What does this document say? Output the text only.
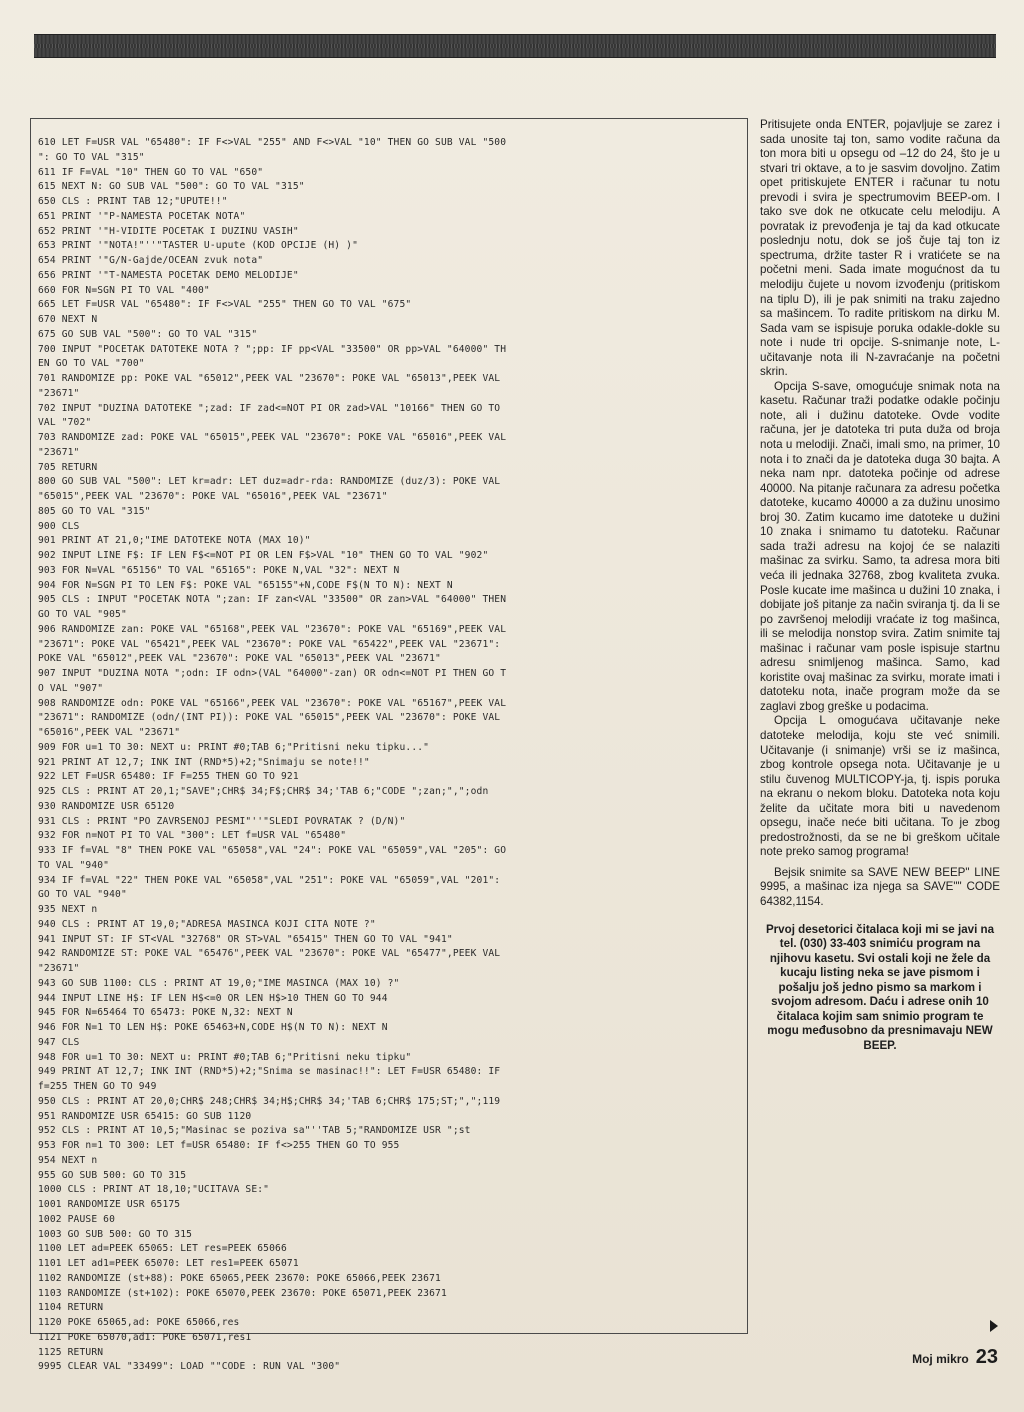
610 LET F=USR VAL "65480": IF F<>VAL "255" AND F<>VAL "10" THEN GO SUB VAL "500
": GO TO VAL "315"
611 IF F=VAL "10" THEN GO TO VAL "650"
615 NEXT N: GO SUB VAL "500": GO TO VAL "315"
650 CLS : PRINT TAB 12;"UPUTE!!"
651 PRINT '"P-NAMESTA POCETAK NOTA"
652 PRINT '"H-VIDITE POCETAK I DUZINU VASIH"
653 PRINT '"NOTA!"''"TASTER U-upute (KOD OPCIJE (H) )"
654 PRINT '"G/N-Gajde/OCEAN zvuk nota"
656 PRINT '"T-NAMESTA POCETAK DEMO MELODIJE"
660 FOR N=SGN PI TO VAL "400"
665 LET F=USR VAL "65480": IF F<>VAL "255" THEN GO TO VAL "675"
670 NEXT N
675 GO SUB VAL "500": GO TO VAL "315"
700 INPUT "POCETAK DATOTEKE NOTA ? ";pp: IF pp<VAL "33500" OR pp>VAL "64000" TH
EN GO TO VAL "700"
701 RANDOMIZE pp: POKE VAL "65012",PEEK VAL "23670": POKE VAL "65013",PEEK VAL
"23671"
702 INPUT "DUZINA DATOTEKE ";zad: IF zad<=NOT PI OR zad>VAL "10166" THEN GO TO
VAL "702"
703 RANDOMIZE zad: POKE VAL "65015",PEEK VAL "23670": POKE VAL "65016",PEEK VAL
"23671"
705 RETURN
800 GO SUB VAL "500": LET kr=adr: LET duz=adr-rda: RANDOMIZE (duz/3): POKE VAL
"65015",PEEK VAL "23670": POKE VAL "65016",PEEK VAL "23671"
805 GO TO VAL "315"
900 CLS
901 PRINT AT 21,0;"IME DATOTEKE NOTA (MAX 10)"
902 INPUT LINE F$: IF LEN F$<=NOT PI OR LEN F$>VAL "10" THEN GO TO VAL "902"
903 FOR N=VAL "65156" TO VAL "65165": POKE N,VAL "32": NEXT N
904 FOR N=SGN PI TO LEN F$: POKE VAL "65155"+N,CODE F$(N TO N): NEXT N
905 CLS : INPUT "POCETAK NOTA ";zan: IF zan<VAL "33500" OR zan>VAL "64000" THEN
GO TO VAL "905"
906 RANDOMIZE zan: POKE VAL "65168",PEEK VAL "23670": POKE VAL "65169",PEEK VAL
"23671": POKE VAL "65421",PEEK VAL "23670": POKE VAL "65422",PEEK VAL "23671":
POKE VAL "65012",PEEK VAL "23670": POKE VAL "65013",PEEK VAL "23671"
907 INPUT "DUZINA NOTA ";odn: IF odn>(VAL "64000"-zan) OR odn<=NOT PI THEN GO T
O VAL "907"
908 RANDOMIZE odn: POKE VAL "65166",PEEK VAL "23670": POKE VAL "65167",PEEK VAL
"23671": RANDOMIZE (odn/(INT PI)): POKE VAL "65015",PEEK VAL "23670": POKE VAL
"65016",PEEK VAL "23671"
909 FOR u=1 TO 30: NEXT u: PRINT #0;TAB 6;"Pritisni neku tipku..."
921 PRINT AT 12,7; INK INT (RND*5)+2;"Snimaju se note!!"
922 LET F=USR 65480: IF F=255 THEN GO TO 921
925 CLS : PRINT AT 20,1;"SAVE";CHR$ 34;F$;CHR$ 34;'TAB 6;"CODE ";zan;",";odn
930 RANDOMIZE USR 65120
931 CLS : PRINT "PO ZAVRSENOJ PESMI"''"SLEDI POVRATAK ? (D/N)"
932 FOR n=NOT PI TO VAL "300": LET f=USR VAL "65480"
933 IF f=VAL "8" THEN POKE VAL "65058",VAL "24": POKE VAL "65059",VAL "205": GO
TO VAL "940"
934 IF f=VAL "22" THEN POKE VAL "65058",VAL "251": POKE VAL "65059",VAL "201":
GO TO VAL "940"
935 NEXT n
940 CLS : PRINT AT 19,0;"ADRESA MASINCA KOJI CITA NOTE ?"
941 INPUT ST: IF ST<VAL "32768" OR ST>VAL "65415" THEN GO TO VAL "941"
942 RANDOMIZE ST: POKE VAL "65476",PEEK VAL "23670": POKE VAL "65477",PEEK VAL
"23671"
943 GO SUB 1100: CLS : PRINT AT 19,0;"IME MASINCA (MAX 10) ?"
944 INPUT LINE H$: IF LEN H$<=0 OR LEN H$>10 THEN GO TO 944
945 FOR N=65464 TO 65473: POKE N,32: NEXT N
946 FOR N=1 TO LEN H$: POKE 65463+N,CODE H$(N TO N): NEXT N
947 CLS
948 FOR u=1 TO 30: NEXT u: PRINT #0;TAB 6;"Pritisni neku tipku"
949 PRINT AT 12,7; INK INT (RND*5)+2;"Snima se masinac!!": LET F=USR 65480: IF
f=255 THEN GO TO 949
950 CLS : PRINT AT 20,0;CHR$ 248;CHR$ 34;H$;CHR$ 34;'TAB 6;CHR$ 175;ST;",";119
951 RANDOMIZE USR 65415: GO SUB 1120
952 CLS : PRINT AT 10,5;"Masinac se poziva sa"''TAB 5;"RANDOMIZE USR ";st
953 FOR n=1 TO 300: LET f=USR 65480: IF f<>255 THEN GO TO 955
954 NEXT n
955 GO SUB 500: GO TO 315
1000 CLS : PRINT AT 18,10;"UCITAVA SE:"
1001 RANDOMIZE USR 65175
1002 PAUSE 60
1003 GO SUB 500: GO TO 315
1100 LET ad=PEEK 65065: LET res=PEEK 65066
1101 LET ad1=PEEK 65070: LET res1=PEEK 65071
1102 RANDOMIZE (st+88): POKE 65065,PEEK 23670: POKE 65066,PEEK 23671
1103 RANDOMIZE (st+102): POKE 65070,PEEK 23670: POKE 65071,PEEK 23671
1104 RETURN
1120 POKE 65065,ad: POKE 65066,res
1121 POKE 65070,ad1: POKE 65071,res1
1125 RETURN
9995 CLEAR VAL "33499": LOAD ""CODE : RUN VAL "300"

Pritisujete onda ENTER, pojavljuje se zarez i sada unosite taj ton, samo vodite računa da ton mora biti u opsegu od –12 do 24, što je u stvari tri oktave, a to je sasvim dovoljno. Zatim opet pritiskujete ENTER i računar tu notu prevodi i svira je spectrumovim BEEP-om. I tako sve dok ne otkucate celu melodiju. A povratak iz prevođenja je taj da kad otkucate poslednju notu, dok se još čuje taj ton iz spectruma, držite taster R i vratićete se na početni meni. Sada imate mogućnost da tu melodiju čujete u novom izvođenju (pritiskom na tiplu D), ili je pak snimiti na traku zajedno sa mašincem. To radite pritiskom na dirku M. Sada vam se ispisuje poruka odakle-dokle su note i nude tri opcije. S-snimanje note, L-učitavanje nota ili N-zavraćanje na početni skrin.

Opcija S-save, omogućuje snimak nota na kasetu. Računar traži podatke odakle počinju note, ali i dužinu datoteke. Ovde vodite računa, jer je datoteka tri puta duža od broja nota u melodiji. Znači, imali smo, na primer, 10 nota i to znači da je datoteka duga 30 bajta. A neka nam npr. datoteka počinje od adrese 40000. Na pitanje računara za adresu početka datoteke, kucamo 40000 a za dužinu unosimo broj 30. Zatim kucamo ime datoteke u dužini 10 znaka i snimamo tu datoteku. Računar sada traži adresu na kojoj će se nalaziti mašinac za svirku. Samo, ta adresa mora biti veća ili jednaka 32768, zbog kvaliteta zvuka. Posle kucate ime mašinca u dužini 10 znaka, i dobijate još pitanje za način sviranja tj. da li se po završenoj melodiji vraćate iz tog mašinca, ili se melodija nonstop svira. Zatim snimite taj mašinac i računar vam posle ispisuje startnu adresu snimljenog mašinca. Samo, kad koristite ovaj mašinac za svirku, morate imati i datoteku nota, inače program može da se zaglavi zbog greške u podacima.

Opcija L omogućava učitavanje neke datoteke melodija, koju ste već snimili. Učitavanje (i snimanje) vrši se iz mašinca, zbog kontrole opsega nota. Učitavanje je u stilu čuvenog MULTICOPY-ja, tj. ispis poruka na ekranu o nekom bloku. Datoteka nota koju želite da učitate mora biti u navedenom opsegu, inače neće biti učitana. To je zbog predostrožnosti, da se ne bi greškom učitale note preko samog programa!

Bejsik snimite sa SAVE NEW BEEP" LINE 9995, a mašinac iza njega sa SAVE"" CODE 64382,1154.

Prvoj desetorici čitalaca koji mi se javi na tel. (030) 33-403 snimiću program na njihovu kasetu. Svi ostali koji ne žele da kucaju listing neka se jave pismom i pošalju još jedno pismo sa markom i svojom adresom. Daću i adrese onih 10 čitalaca kojim sam snimio program te mogu međusobno da presnimavaju NEW BEEP.

Moj mikro 23
